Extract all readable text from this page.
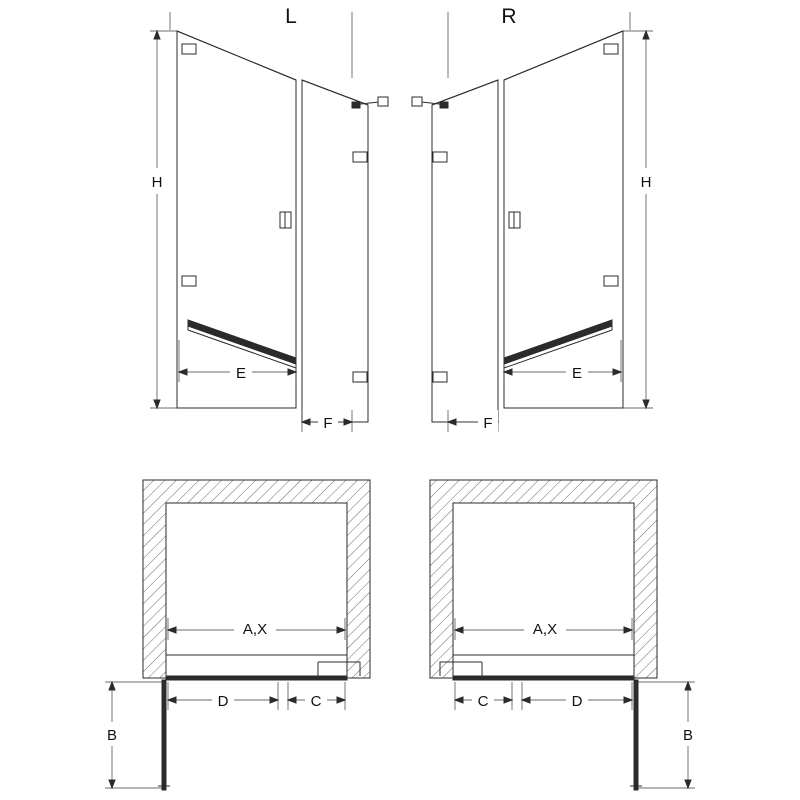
L
H
E
F
R
H
E
F
A,X
D	C
B
A,X
C	D
B
